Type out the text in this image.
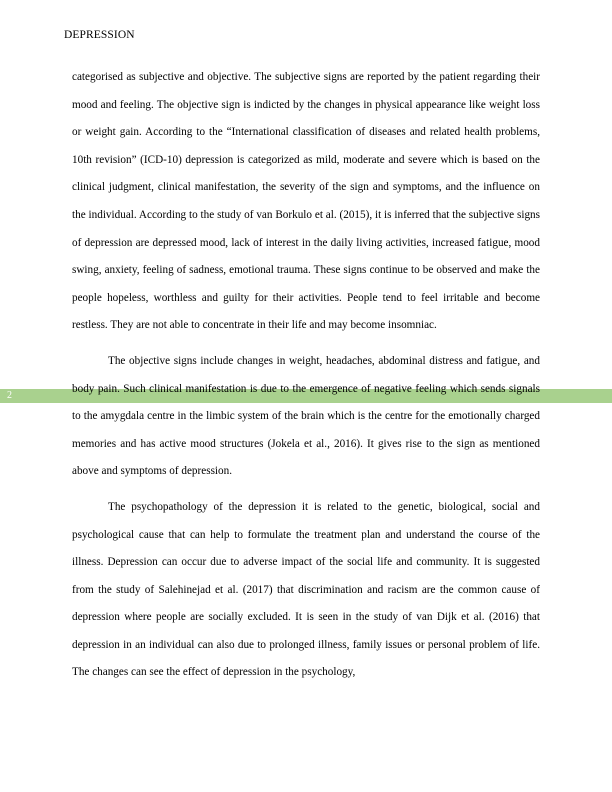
DEPRESSION
2

categorised as subjective and objective. The subjective signs are reported by the patient regarding their mood and feeling. The objective sign is indicted by the changes in physical appearance like weight loss or weight gain. According to the “International classification of diseases and related health problems, 10th revision” (ICD-10) depression is categorized as mild, moderate and severe which is based on the clinical judgment, clinical manifestation, the severity of the sign and symptoms, and the influence on the individual. According to the study of van Borkulo et al. (2015), it is inferred that the subjective signs of depression are depressed mood, lack of interest in the daily living activities, increased fatigue, mood swing, anxiety, feeling of sadness, emotional trauma. These signs continue to be observed and make the people hopeless, worthless and guilty for their activities. People tend to feel irritable and become restless. They are not able to concentrate in their life and may become insomniac.

The objective signs include changes in weight, headaches, abdominal distress and fatigue, and body pain. Such clinical manifestation is due to the emergence of negative feeling which sends signals to the amygdala centre in the limbic system of the brain which is the centre for the emotionally charged memories and has active mood structures (Jokela et al., 2016). It gives rise to the sign as mentioned above and symptoms of depression.

The psychopathology of the depression it is related to the genetic, biological, social and psychological cause that can help to formulate the treatment plan and understand the course of the illness. Depression can occur due to adverse impact of the social life and community. It is suggested from the study of Salehinejad et al. (2017) that discrimination and racism are the common cause of depression where people are socially excluded. It is seen in the study of van Dijk et al. (2016) that depression in an individual can also due to prolonged illness, family issues or personal problem of life. The changes can see the effect of depression in the psychology,
